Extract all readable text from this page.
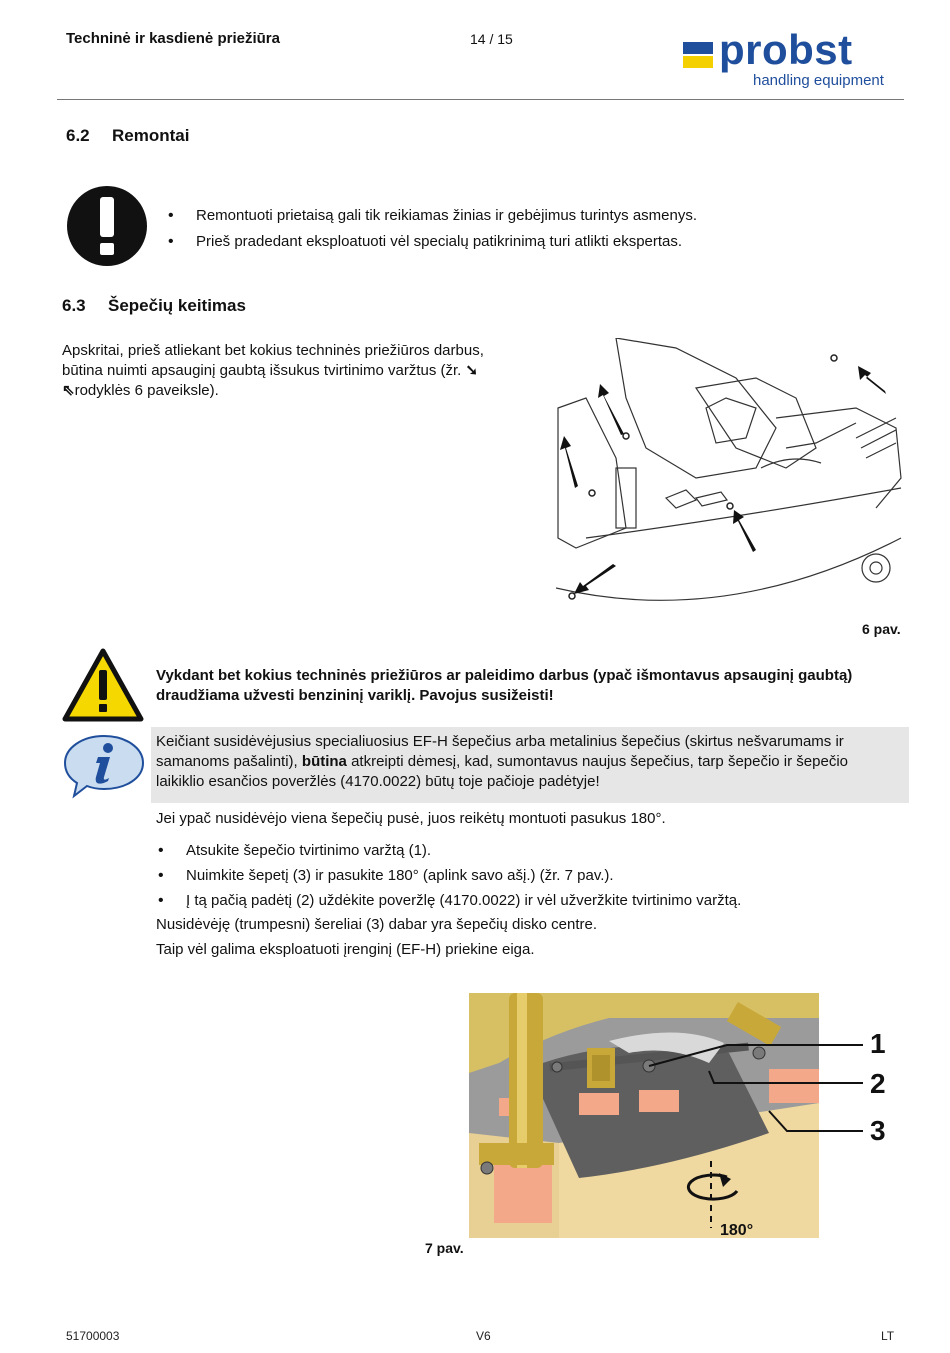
Techninė ir kasdienė priežiūra	14 / 15	probst
handling equipment
6.2 Remontai
• Remontuoti prietaisą gali tik reikiamas žinias ir gebėjimus turintys asmenys.
• Prieš pradedant eksploatuoti vėl specialų patikrinimą turi atlikti ekspertas.
6.3 Šepečių keitimas
Apskritai, prieš atliekant bet kokius techninės priežiūros darbus,
būtina nuimti apsauginį gaubtą išsukus tvirtinimo varžtus (žr. ➘
⇖rodyklės 6 paveiksle).
6 pav.
Vykdant bet kokius techninės priežiūros ar paleidimo darbus (ypač išmontavus apsauginį gaubtą)
draudžiama užvesti benzininį variklį. Pavojus susižeisti!
Keičiant susidėvėjusius specialiuosius EF-H šepečius arba metalinius šepečius (skirtus nešvarumams ir
samanoms pašalinti), būtina atkreipti dėmesį, kad, sumontavus naujus šepečius, tarp šepečio ir šepečio
laikiklio esančios poveržlės (4170.0022) būtų toje pačioje padėtyje!
Jei ypač nusidėvėjo viena šepečių pusė, juos reikėtų montuoti pasukus 180°.
• Atsukite šepečio tvirtinimo varžtą (1).
• Nuimkite šepetį (3) ir pasukite 180° (aplink savo ašį.) (žr. 7 pav.).
• Į tą pačią padėtį (2) uždėkite poveržlę (4170.0022) ir vėl užveržkite tvirtinimo varžtą.
Nusidėvėję (trumpesni) šereliai (3) dabar yra šepečių disko centre.
Taip vėl galima eksploatuoti įrenginį (EF-H) priekine eiga.
1
2
3
180°
7 pav.
51700003	V6	LT
